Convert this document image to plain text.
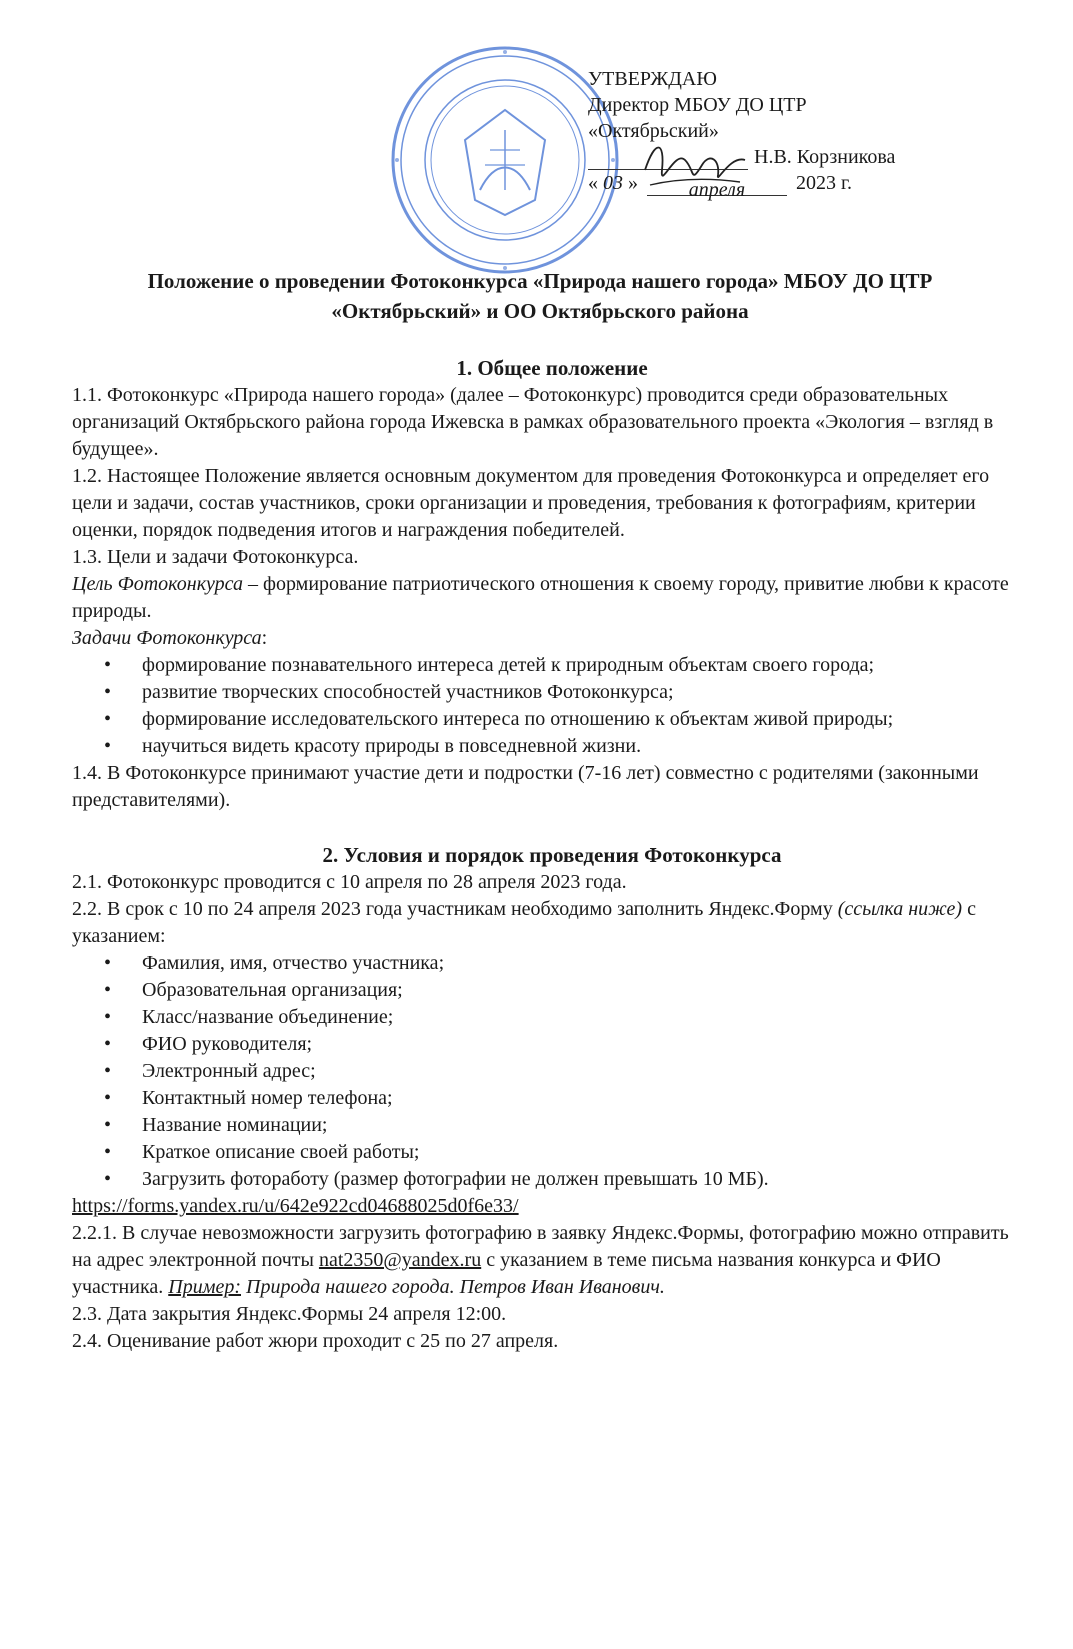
УТВЕРЖДАЮ
Директор МБОУ ДО ЦТР
«Октябрьский»
Н.В. Корзникова
« 03 »	апреля	2023 г.
Положение о проведении Фотоконкурса «Природа нашего города» МБОУ ДО ЦТР
«Октябрьский» и ОО Октябрьского района
1. Общее положение

1.1. Фотоконкурс «Природа нашего города» (далее – Фотоконкурс) проводится среди образовательных организаций Октябрьского района города Ижевска в рамках образовательного проекта «Экология – взгляд в будущее».

1.2. Настоящее Положение является основным документом для проведения Фотоконкурса и определяет его цели и задачи, состав участников, сроки организации и проведения, требования к фотографиям, критерии оценки, порядок подведения итогов и награждения победителей.

1.3. Цели и задачи Фотоконкурса.

Цель Фотоконкурса – формирование патриотического отношения к своему городу, привитие любви к красоте природы.

Задачи Фотоконкурса:

• формирование познавательного интереса детей к природным объектам своего города;
• развитие творческих способностей участников Фотоконкурса;
• формирование исследовательского интереса по отношению к объектам живой природы;
• научиться видеть красоту природы в повседневной жизни.

1.4. В Фотоконкурсе принимают участие дети и подростки (7-16 лет) совместно с родителями (законными представителями).

2. Условия и порядок проведения Фотоконкурса

2.1. Фотоконкурс проводится с 10 апреля по 28 апреля 2023 года.

2.2. В срок с 10 по 24 апреля 2023 года участникам необходимо заполнить Яндекс.Форму (ссылка ниже) с указанием:

• Фамилия, имя, отчество участника;
• Образовательная организация;
• Класс/название объединение;
• ФИО руководителя;
• Электронный адрес;
• Контактный номер телефона;
• Название номинации;
• Краткое описание своей работы;
• Загрузить фотоработу (размер фотографии не должен превышать 10 МБ).

https://forms.yandex.ru/u/642e922cd04688025d0f6e33/

2.2.1. В случае невозможности загрузить фотографию в заявку Яндекс.Формы, фотографию можно отправить на адрес электронной почты nat2350@yandex.ru с указанием в теме письма названия конкурса и ФИО участника. Пример: Природа нашего города. Петров Иван Иванович.

2.3. Дата закрытия Яндекс.Формы 24 апреля 12:00.

2.4. Оценивание работ жюри проходит с 25 по 27 апреля.
